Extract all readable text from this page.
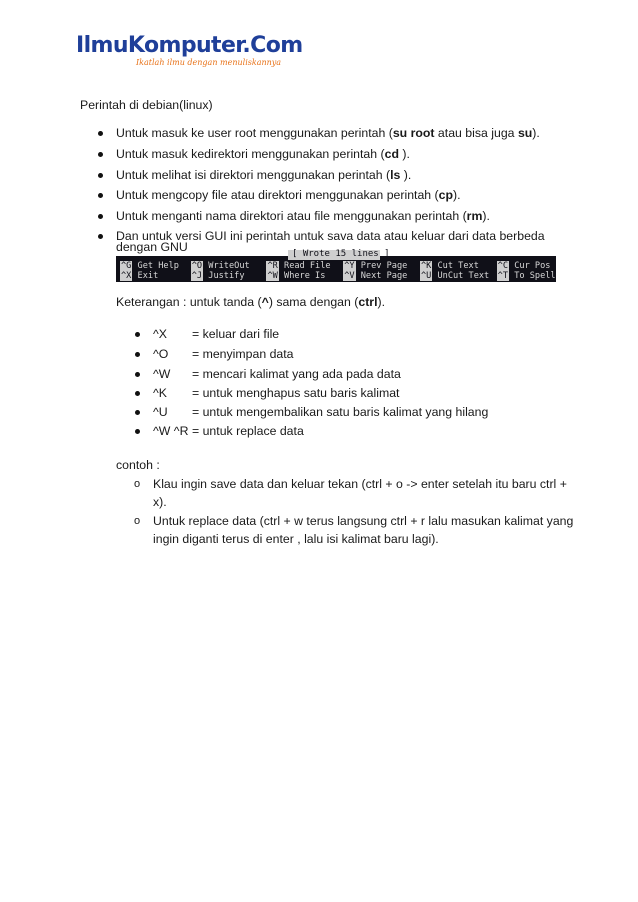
IlmuKomputer.Com
Ikatlah ilmu dengan menuliskannya
Perintah di debian(linux)
Untuk masuk ke user root menggunakan perintah (su root atau bisa juga su).
Untuk masuk kedirektori menggunakan perintah (cd ).
Untuk melihat isi direktori menggunakan perintah (ls ).
Untuk mengcopy file atau direktori menggunakan perintah (cp).
Untuk menganti nama direktori atau file menggunakan perintah (rm).
Dan untuk versi GUI ini perintah untuk sava data atau keluar dari data berbeda
dengan GNU	[ Wrote 15 lines ]
^G Get Help ^O WriteOut ^R Read File ^Y Prev Page ^K Cut Text ^C Cur Pos
^X Exit	^J Justify	^W Where Is ^V Next Page ^U UnCut Text ^T To Spell
Keterangan : untuk tanda (^) sama dengan (ctrl).
^X = keluar dari file
^O = menyimpan data
^W = mencari kalimat yang ada pada data
^K = untuk menghapus satu baris kalimat
^U = untuk mengembalikan satu baris kalimat yang hilang
^W ^R = untuk replace data
contoh :
o Klau ingin save data dan keluar tekan (ctrl + o -> enter setelah itu baru ctrl +
x).
o Untuk replace data (ctrl + w terus langsung ctrl + r lalu masukan kalimat yang
ingin diganti terus di enter , lalu isi kalimat baru lagi).
